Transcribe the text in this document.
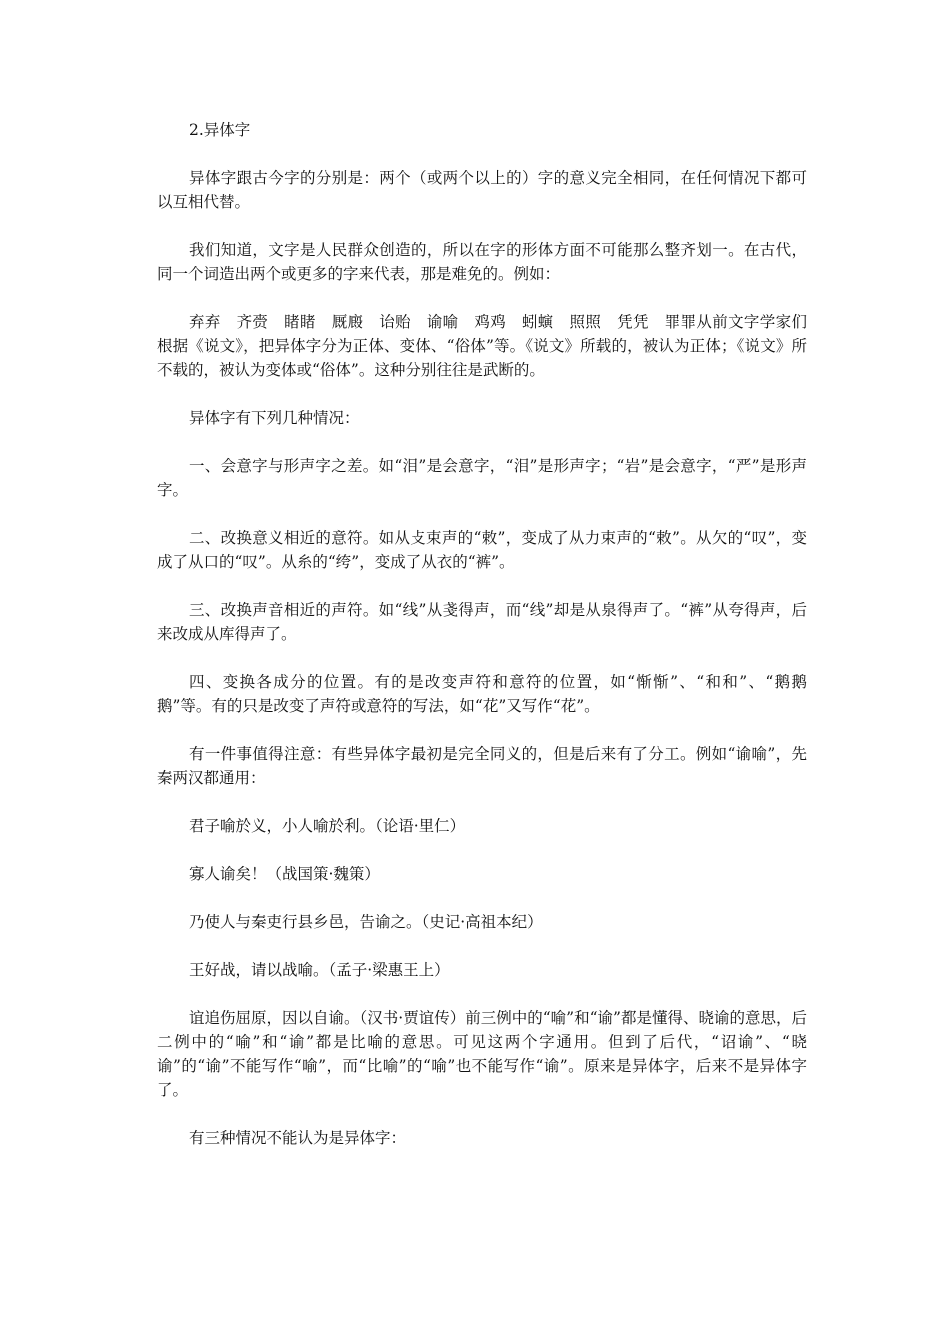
2.异体字

异体字跟古今字的分别是：两个（或两个以上的）字的意义完全相同，在任何情况下都可以互相代替。

我们知道，文字是人民群众创造的，所以在字的形体方面不可能那么整齐划一。在古代，同一个词造出两个或更多的字来代表，那是难免的。例如：

弃弃　齐赍　睹睹　厩廄　诒贻　谕喻　鸡鸡　蚓螾　照照　凭凭　罪罪从前文字学家们根据《说文》，把异体字分为正体、变体、“俗体”等。《说文》所载的，被认为正体；《说文》所不载的，被认为变体或“俗体”。这种分别往往是武断的。

异体字有下列几种情况：

一、会意字与形声字之差。如“泪”是会意字，“泪”是形声字；“岩”是会意字，“严”是形声字。

二、改换意义相近的意符。如从攴束声的“敕”，变成了从力束声的“敕”。从欠的“叹”，变成了从口的“叹”。从糸的“绔”，变成了从衣的“裤”。

三、改换声音相近的声符。如“线”从戔得声，而“线”却是从泉得声了。“裤”从夸得声，后来改成从库得声了。

四、变换各成分的位置。有的是改变声符和意符的位置，如“惭惭”、“和和”、“鹅鹅鹅”等。有的只是改变了声符或意符的写法，如“花”又写作“花”。

有一件事值得注意：有些异体字最初是完全同义的，但是后来有了分工。例如“谕喻”，先秦两汉都通用：

君子喻於义，小人喻於利。（论语·里仁）

寡人谕矣！（战国策·魏策）

乃使人与秦吏行县乡邑，告谕之。（史记·高祖本纪）

王好战，请以战喻。（孟子·梁惠王上）

谊追伤屈原，因以自谕。（汉书·贾谊传）前三例中的“喻”和“谕”都是懂得、晓谕的意思，后二例中的“喻”和“谕”都是比喻的意思。可见这两个字通用。但到了后代，“诏谕”、“晓谕”的“谕”不能写作“喻”，而“比喻”的“喻”也不能写作“谕”。原来是异体字，后来不是异体字了。

有三种情况不能认为是异体字：
